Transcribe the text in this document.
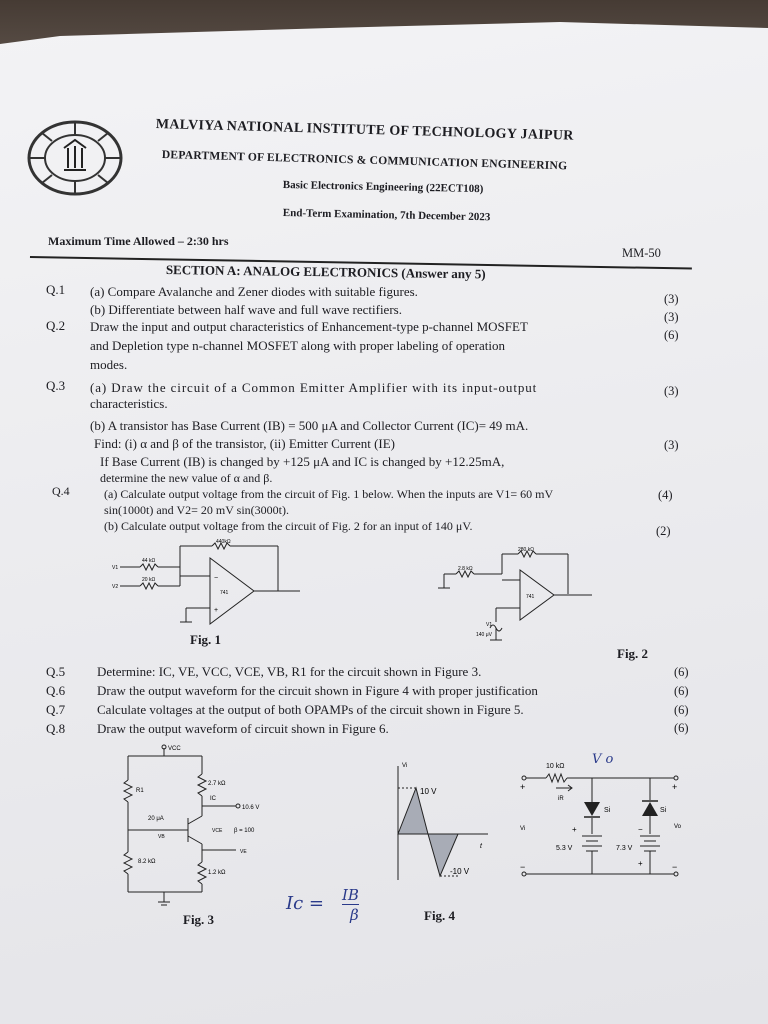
MALVIYA NATIONAL INSTITUTE OF TECHNOLOGY JAIPUR
DEPARTMENT OF ELECTRONICS & COMMUNICATION ENGINEERING
Basic Electronics Engineering (22ECT108)
End-Term Examination, 7th December 2023
Maximum Time Allowed – 2:30 hrs
MM-50
SECTION A: ANALOG ELECTRONICS (Answer any 5)
Q.1 (a) Compare Avalanche and Zener diodes with suitable figures.	(3)
(b) Differentiate between half wave and full wave rectifiers.	(3)
Q.2 Draw the input and output characteristics of Enhancement-type p-channel MOSFET
(6)
and Depletion type n-channel MOSFET along with proper labeling of operation
modes.
Q.3 (a) Draw the circuit of a Common Emitter Amplifier with its input-output	(3)
characteristics.
(b) A transistor has Base Current (IB) = 500 μA and Collector Current (IC)= 49 mA.
Find: (i) α and β of the transistor, (ii) Emitter Current (IE)	(3)
If Base Current (IB) is changed by +125 μA and IC is changed by +12.25mA,
determine the new value of α and β.
Q.4	(a) Calculate output voltage from the circuit of Fig. 1 below. When the inputs are V1= 60 mV	(4)
sin(1000t) and V2= 20 mV sin(3000t).
(b) Calculate output voltage from the circuit of Fig. 2 for an input of 140 μV.	(2)
440kΩ
44 kΩ
20 kΩ
V1
V2
741
−
+
Fig. 1
280 kΩ
2.8 kΩ
741
140 μV
V1
Fig. 2
Q.5 Determine: IC, VE, VCC, VCE, VB, R1 for the circuit shown in Figure 3.	(6)
Q.6 Draw the output waveform for the circuit shown in Figure 4 with proper justification	(6)
Q.7 Calculate voltages at the output of both OPAMPs of the circuit shown in Figure 5.	(6)
Q.8 Draw the output waveform of circuit shown in Figure 6.	(6)
VCC
2.7 kΩ
IC
10.6 V
R1
20 μA
VB
VCE β = 100
VE
8.2 kΩ
1.2 kΩ
Fig. 3
Ic = IB
β
Vi
10 V
-10 V
t
Fig. 4
10 kΩ
+	+
Vi	Vo
iR
Si	Si
+
5.3 V	7.3 V
−
+
−	−
V o
